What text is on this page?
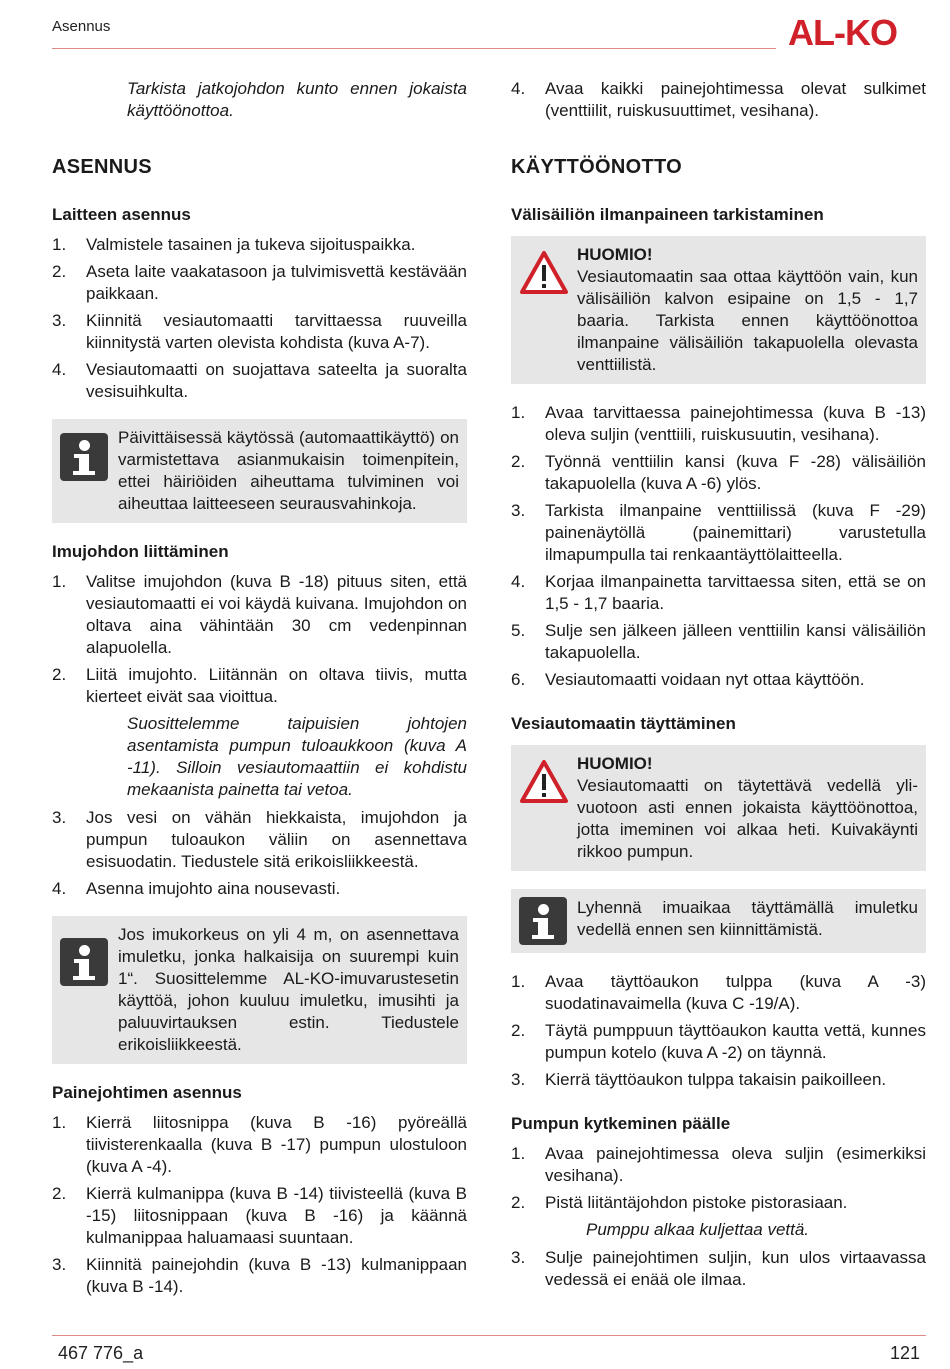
Asennus	AL-KO
Tarkista jatkojohdon kunto ennen jokaista käyttöönottoa.
ASENNUS
Laitteen asennus
1. Valmistele tasainen ja tukeva sijoituspaikka.
2. Aseta laite vaakatasoon ja tulvimisvettä kestävään paikkaan.
3. Kiinnitä vesiautomaatti tarvittaessa ruuveilla kiinnitystä varten olevista kohdista (kuva A-7).
4. Vesiautomaatti on suojattava sateelta ja suoralta vesisuihkulta.
Päivittäisessä käytössä (automaattikäyttö) on varmistettava asianmukaisin toimenpitein, ettei häiriöiden aiheuttama tulviminen voi aiheuttaa laitteeseen seurausvahinkoja.
Imujohdon liittäminen
1. Valitse imujohdon (kuva B -18) pituus siten, että vesiautomaatti ei voi käydä kuivana. Imujohdon on oltava aina vähintään 30 cm vedenpinnan alapuolella.
2. Liitä imujohto. Liitännän on oltava tiivis, mutta kierteet eivät saa vioittua.
Suosittelemme taipuisien johtojen asentamista pumpun tuloaukkoon (kuva A -11). Silloin vesiautomaattiin ei kohdistu mekaanista painetta tai vetoa.
3. Jos vesi on vähän hiekkaista, imujohdon ja pumpun tuloaukon väliin on asennettava esisuodatin. Tiedustele sitä erikoisliikkeestä.
4. Asenna imujohto aina nousevasti.
Jos imukorkeus on yli 4 m, on asennettava imuletku, jonka halkaisija on suurempi kuin 1“. Suosittelemme AL-KO-imuvarustesetin käyttöä, johon kuuluu imuletku, imusihti ja paluuvirtauksen estin. Tiedustele erikoisliikkeestä.
Painejohtimen asennus
1. Kierrä liitosnippa (kuva B -16) pyöreällä tiivisterenkaalla (kuva B -17) pumpun ulostuloon (kuva A -4).
2. Kierrä kulmanippa (kuva B -14) tiivisteellä (kuva B -15) liitosnippaan (kuva B -16) ja käännä kulmanippaa haluamaasi suuntaan.
3. Kiinnitä painejohdin (kuva B -13) kulmanippaan (kuva B -14).
4. Avaa kaikki painejohtimessa olevat sulkimet (venttiilit, ruiskusuuttimet, vesihana).
KÄYTTÖÖNOTTO
Välisäiliön ilmanpaineen tarkistaminen
HUOMIO!
Vesiautomaatin saa ottaa käyttöön vain, kun välisäiliön kalvon esipaine on 1,5 - 1,7 baaria. Tarkista ennen käyttöönottoa ilmanpaine välisäiliön takapuolella olevasta venttiilistä.
1. Avaa tarvittaessa painejohtimessa (kuva B -13) oleva suljin (venttiili, ruiskusuutin, vesihana).
2. Työnnä venttiilin kansi (kuva F -28) välisäiliön takapuolella (kuva A -6) ylös.
3. Tarkista ilmanpaine venttiilissä (kuva F -29) painenäytöllä (painemittari) varustetulla ilmapumpulla tai renkaantäyttölaitteella.
4. Korjaa ilmanpainetta tarvittaessa siten, että se on 1,5 - 1,7 baaria.
5. Sulje sen jälkeen jälleen venttiilin kansi välisäiliön takapuolella.
6. Vesiautomaatti voidaan nyt ottaa käyttöön.
Vesiautomaatin täyttäminen
HUOMIO!
Vesiautomaatti on täytettävä vedellä yli-vuotoon asti ennen jokaista käyttöönottoa, jotta imeminen voi alkaa heti. Kuivakäynti rikkoo pumpun.
Lyhennä imuaikaa täyttämällä imuletku vedellä ennen sen kiinnittämistä.
1. Avaa täyttöaukon tulppa (kuva A -3) suodatinavaimella (kuva C -19/A).
2. Täytä pumppuun täyttöaukon kautta vettä, kunnes pumpun kotelo (kuva A -2) on täynnä.
3. Kierrä täyttöaukon tulppa takaisin paikoilleen.
Pumpun kytkeminen päälle
1. Avaa painejohtimessa oleva suljin (esimerkiksi vesihana).
2. Pistä liitäntäjohdon pistoke pistorasiaan.
Pumppu alkaa kuljettaa vettä.
3. Sulje painejohtimen suljin, kun ulos virtaavassa vedessä ei enää ole ilmaa.
467 776_a	121
